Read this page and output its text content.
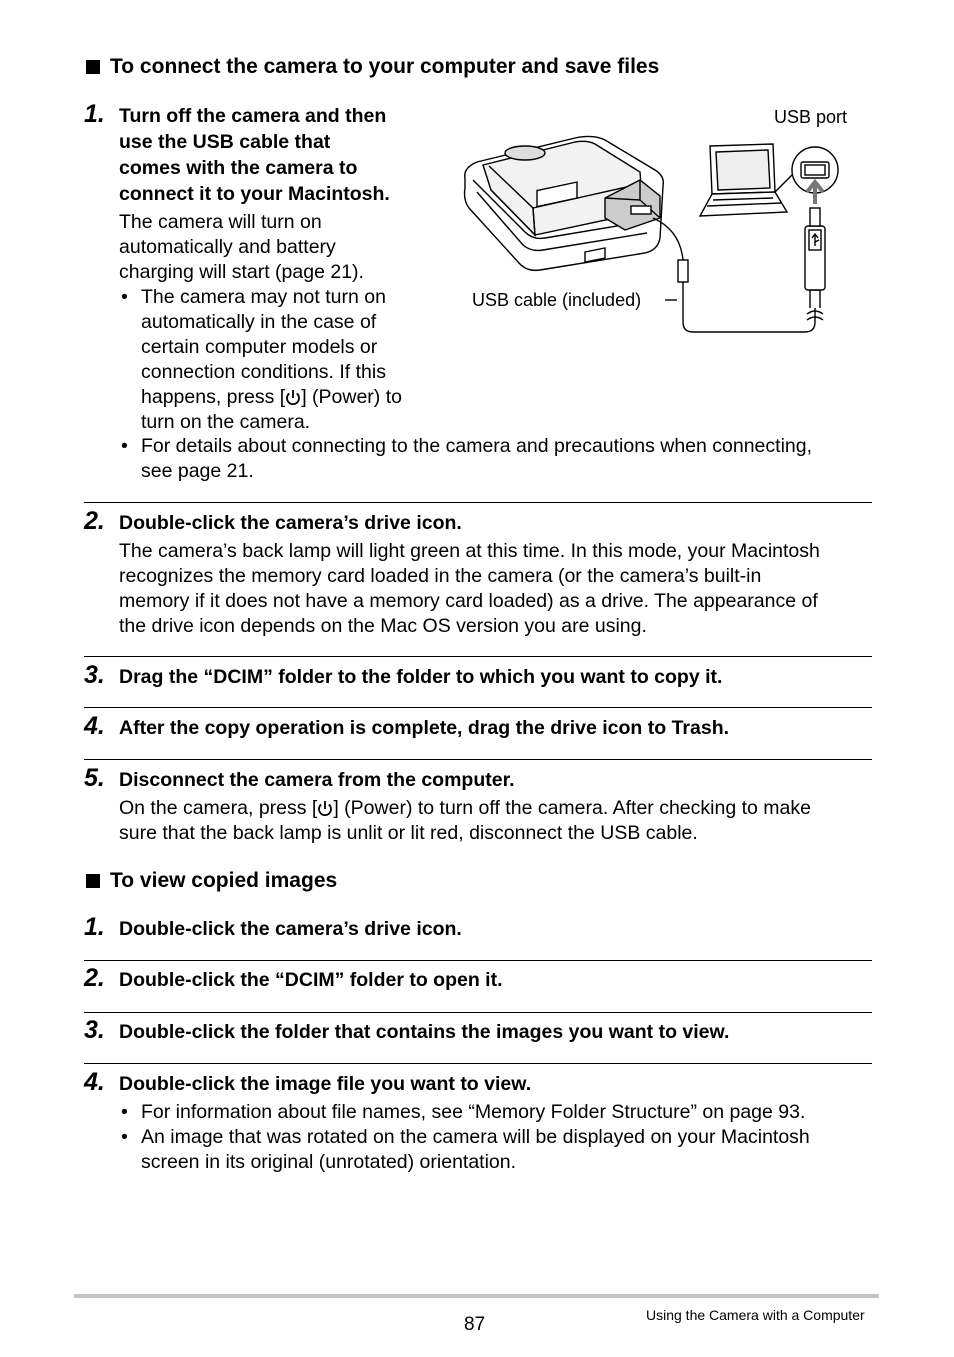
To connect the camera to your computer and save files
1. Turn off the camera and then
use the USB cable that
comes with the camera to
connect it to your Macintosh.
The camera will turn on
automatically and battery
charging will start (page 21).
• The camera may not turn on
automatically in the case of
certain computer models or
connection conditions. If this
happens, press [ ] (Power) to
turn on the camera.
• For details about connecting to the camera and precautions when connecting,
see page 21.
USB port
USB cable (included)
2. Double-click the camera’s drive icon.
The camera’s back lamp will light green at this time. In this mode, your Macintosh
recognizes the memory card loaded in the camera (or the camera’s built-in
memory if it does not have a memory card loaded) as a drive. The appearance of
the drive icon depends on the Mac OS version you are using.
3. Drag the “DCIM” folder to the folder to which you want to copy it.
4. After the copy operation is complete, drag the drive icon to Trash.
5. Disconnect the camera from the computer.
On the camera, press [ ] (Power) to turn off the camera. After checking to make
sure that the back lamp is unlit or lit red, disconnect the USB cable.
To view copied images
1. Double-click the camera’s drive icon.
2. Double-click the “DCIM” folder to open it.
3. Double-click the folder that contains the images you want to view.
4. Double-click the image file you want to view.
• For information about file names, see “Memory Folder Structure” on page 93.
• An image that was rotated on the camera will be displayed on your Macintosh
screen in its original (unrotated) orientation.
87	Using the Camera with a Computer
